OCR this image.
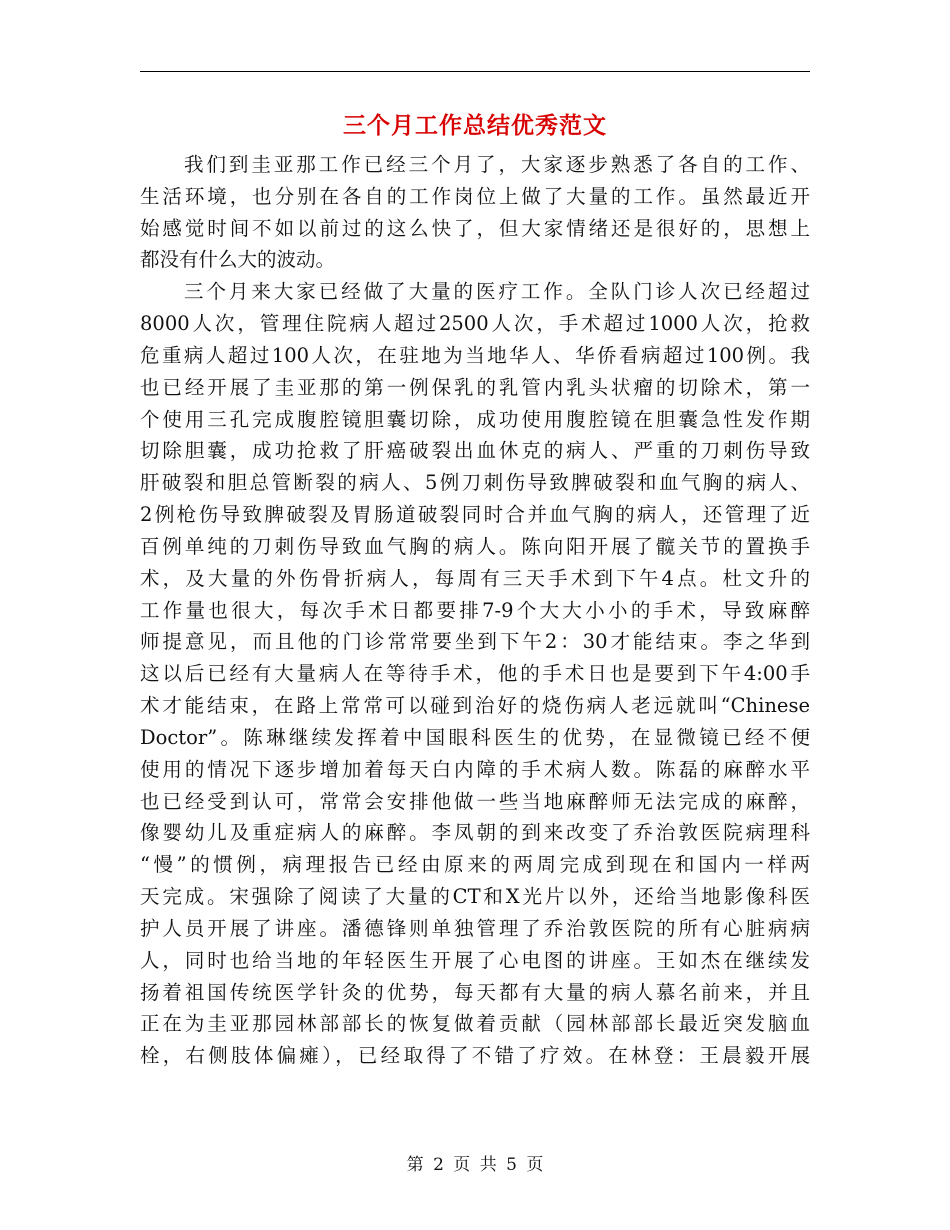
三个月工作总结优秀范文
我们到圭亚那工作已经三个月了，大家逐步熟悉了各自的工作、
生活环境，也分别在各自的工作岗位上做了大量的工作。虽然最近开
始感觉时间不如以前过的这么快了，但大家情绪还是很好的，思想上
都没有什么大的波动。
三个月来大家已经做了大量的医疗工作。全队门诊人次已经超过
8000人次，管理住院病人超过2500人次，手术超过1000人次，抢救
危重病人超过100人次，在驻地为当地华人、华侨看病超过100例。我
也已经开展了圭亚那的第一例保乳的乳管内乳头状瘤的切除术，第一
个使用三孔完成腹腔镜胆囊切除，成功使用腹腔镜在胆囊急性发作期
切除胆囊，成功抢救了肝癌破裂出血休克的病人、严重的刀刺伤导致
肝破裂和胆总管断裂的病人、5例刀刺伤导致脾破裂和血气胸的病人、
2例枪伤导致脾破裂及胃肠道破裂同时合并血气胸的病人，还管理了近
百例单纯的刀刺伤导致血气胸的病人。陈向阳开展了髋关节的置换手
术，及大量的外伤骨折病人，每周有三天手术到下午4点。杜文升的
工作量也很大，每次手术日都要排7-9个大大小小的手术，导致麻醉
师提意见，而且他的门诊常常要坐到下午2：30才能结束。李之华到
这以后已经有大量病人在等待手术，他的手术日也是要到下午4:00手
术才能结束，在路上常常可以碰到治好的烧伤病人老远就叫“Chinese
Doctor”。陈琳继续发挥着中国眼科医生的优势，在显微镜已经不便
使用的情况下逐步增加着每天白内障的手术病人数。陈磊的麻醉水平
也已经受到认可，常常会安排他做一些当地麻醉师无法完成的麻醉，
像婴幼儿及重症病人的麻醉。李凤朝的到来改变了乔治敦医院病理科
“慢”的惯例，病理报告已经由原来的两周完成到现在和国内一样两
天完成。宋强除了阅读了大量的CT和X光片以外，还给当地影像科医
护人员开展了讲座。潘德锋则单独管理了乔治敦医院的所有心脏病病
人，同时也给当地的年轻医生开展了心电图的讲座。王如杰在继续发
扬着祖国传统医学针灸的优势，每天都有大量的病人慕名前来，并且
正在为圭亚那园林部部长的恢复做着贡献（园林部部长最近突发脑血
栓，右侧肢体偏瘫），已经取得了不错了疗效。在林登：王晨毅开展
第 2 页 共 5 页
